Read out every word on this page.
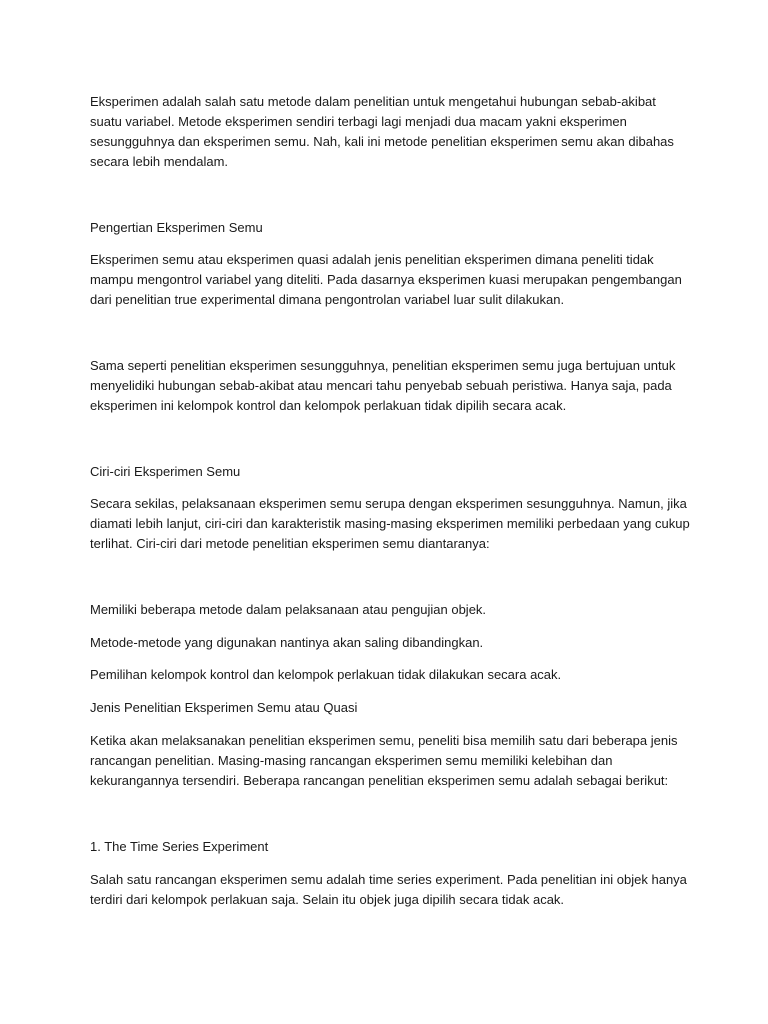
Eksperimen adalah salah satu metode dalam penelitian untuk mengetahui hubungan sebab-akibat suatu variabel. Metode eksperimen sendiri terbagi lagi menjadi dua macam yakni eksperimen sesungguhnya dan eksperimen semu. Nah, kali ini metode penelitian eksperimen semu akan dibahas secara lebih mendalam.

Pengertian Eksperimen Semu

Eksperimen semu atau eksperimen quasi adalah jenis penelitian eksperimen dimana peneliti tidak mampu mengontrol variabel yang diteliti. Pada dasarnya eksperimen kuasi merupakan pengembangan dari penelitian true experimental dimana pengontrolan variabel luar sulit dilakukan.

Sama seperti penelitian eksperimen sesungguhnya, penelitian eksperimen semu juga bertujuan untuk menyelidiki hubungan sebab-akibat atau mencari tahu penyebab sebuah peristiwa. Hanya saja, pada eksperimen ini kelompok kontrol dan kelompok perlakuan tidak dipilih secara acak.

Ciri-ciri Eksperimen Semu

Secara sekilas, pelaksanaan eksperimen semu serupa dengan eksperimen sesungguhnya. Namun, jika diamati lebih lanjut, ciri-ciri dan karakteristik masing-masing eksperimen memiliki perbedaan yang cukup terlihat. Ciri-ciri dari metode penelitian eksperimen semu diantaranya:

Memiliki beberapa metode dalam pelaksanaan atau pengujian objek.

Metode-metode yang digunakan nantinya akan saling dibandingkan.

Pemilihan kelompok kontrol dan kelompok perlakuan tidak dilakukan secara acak.

Jenis Penelitian Eksperimen Semu atau Quasi

Ketika akan melaksanakan penelitian eksperimen semu, peneliti bisa memilih satu dari beberapa jenis rancangan penelitian. Masing-masing rancangan eksperimen semu memiliki kelebihan dan kekurangannya tersendiri. Beberapa rancangan penelitian eksperimen semu adalah sebagai berikut:

1. The Time Series Experiment

Salah satu rancangan eksperimen semu adalah time series experiment. Pada penelitian ini objek hanya terdiri dari kelompok perlakuan saja. Selain itu objek juga dipilih secara tidak acak.
